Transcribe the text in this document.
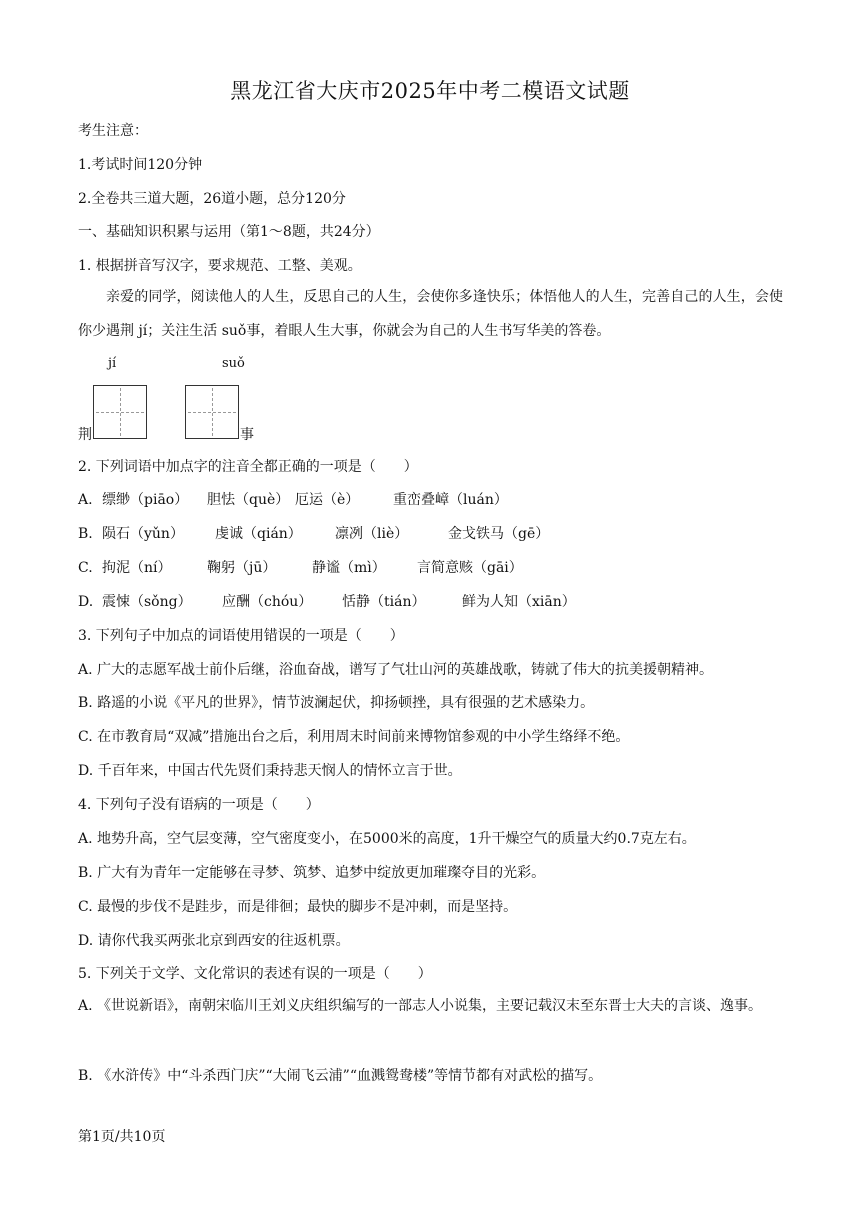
黑龙江省大庆市2025年中考二模语文试题
考生注意：
1.考试时间120分钟
2.全卷共三道大题，26道小题，总分120分
一、基础知识积累与运用（第1～8题，共24分）
1. 根据拼音写汉字，要求规范、工整、美观。
亲爱的同学，阅读他人的人生，反思自己的人生，会使你多逢快乐；体悟他人的人生，完善自己的人生，会使你少遇荆 jí；关注生活 suǒ事，着眼人生大事，你就会为自己的人生书写华美的答卷。
jí	suǒ
荆	事
2. 下列词语中加点字的注音全都正确的一项是（　　）
A. 缥缈（piāo） 胆怯（què） 厄运（è） 重峦叠嶂（luán）
B. 陨石（yǔn） 虔诚（qián） 凛冽（liè）	金戈铁马（gē）
C. 拘泥（ní）	鞠躬（jū）	静谧（mì） 言简意赅（gāi）
D. 震悚（sǒng） 应酬（chóu） 恬静（tián）	鲜为人知（xiān）
3. 下列句子中加点的词语使用错误的一项是（　　）
A. 广大的志愿军战士前仆后继，浴血奋战，谱写了气壮山河的英雄战歌，铸就了伟大的抗美援朝精神。
B. 路遥的小说《平凡的世界》，情节波澜起伏，抑扬顿挫，具有很强的艺术感染力。
C. 在市教育局“双减”措施出台之后，利用周末时间前来博物馆参观的中小学生络绎不绝。
D. 千百年来，中国古代先贤们秉持悲天悯人的情怀立言于世。
4. 下列句子没有语病的一项是（　　）
A. 地势升高，空气层变薄，空气密度变小，在5000米的高度，1升干燥空气的质量大约0.7克左右。
B. 广大有为青年一定能够在寻梦、筑梦、追梦中绽放更加璀璨夺目的光彩。
C. 最慢的步伐不是跬步，而是徘徊；最快的脚步不是冲刺，而是坚持。
D. 请你代我买两张北京到西安的往返机票。
5. 下列关于文学、文化常识的表述有误的一项是（　　）
A. 《世说新语》，南朝宋临川王刘义庆组织编写的一部志人小说集，主要记载汉末至东晋士大夫的言谈、逸事。
B. 《水浒传》中“斗杀西门庆”“大闹飞云浦”“血溅鸳鸯楼”等情节都有对武松的描写。
第1页/共10页
